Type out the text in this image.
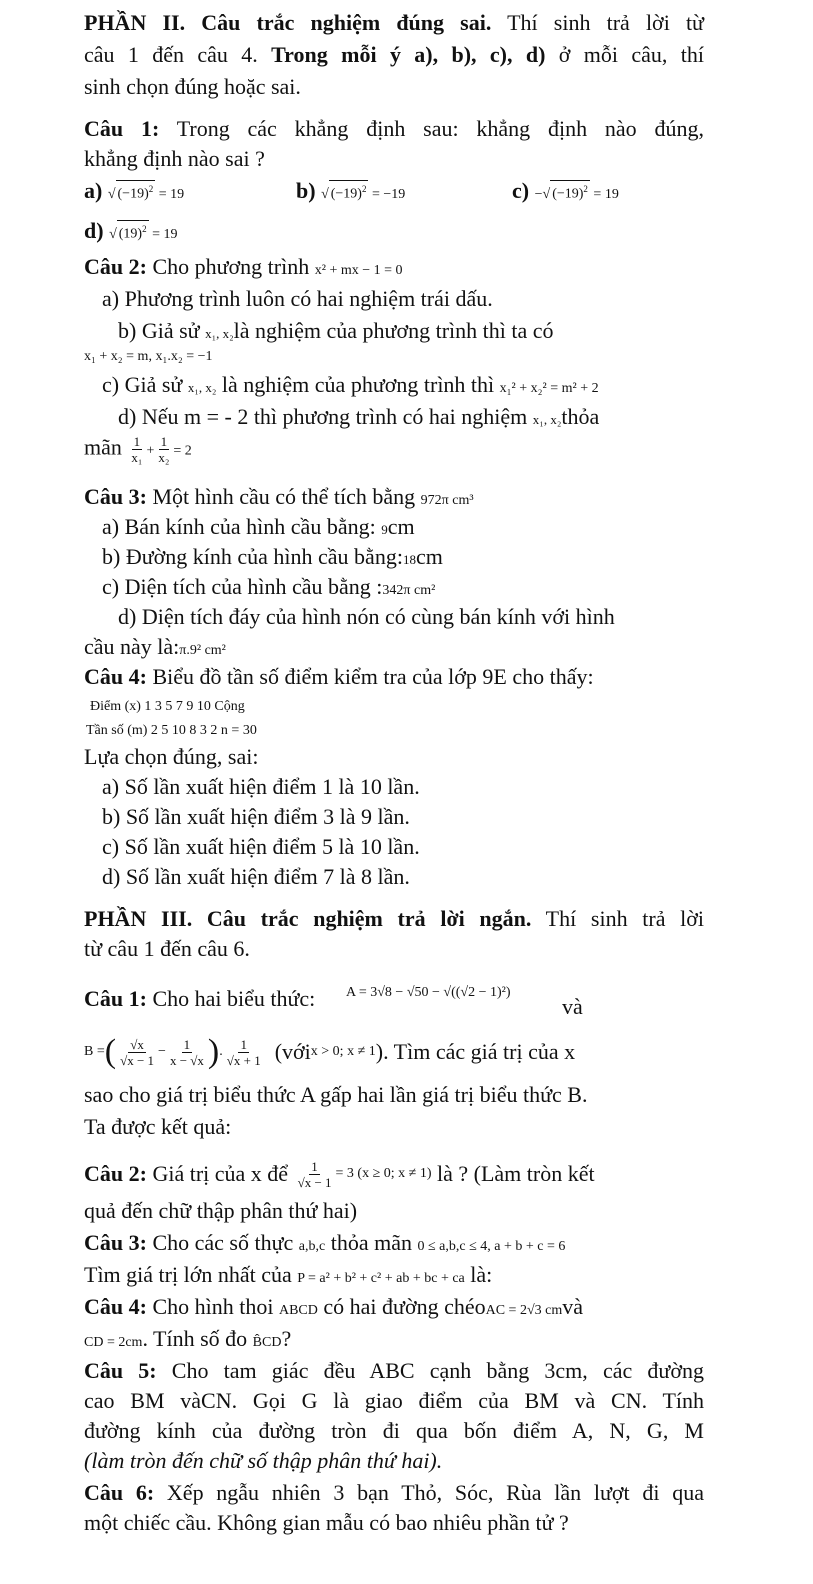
PHẦN II. Câu trắc nghiệm đúng sai. Thí sinh trả lời từ
câu 1 đến câu 4. Trong mỗi ý a), b), c), d) ở mỗi câu, thí
sinh chọn đúng hoặc sai.
Câu 1: Trong các khẳng định sau: khẳng định nào đúng,
khẳng định nào sai ?
a) √ $(-19)^2 = 19$	b) √ $(-19)^2 = -19$	c) −√ $(-19)^2 = 19$
d) √ $(19)^2 = 19$
Câu 2: Cho phương trình x² + mx − 1 = 0
a) Phương trình luôn có hai nghiệm trái dấu.
b) Giả sử x₁, x₂là nghiệm của phương trình thì ta có
x₁ + x₂ = m, x₁.x₂ = −1
c) Giả sử x₁, x₂ là nghiệm của phương trình thì x₁² + x₂² = m² + 2
d) Nếu m = - 2 thì phương trình có hai nghiệm x₁, x₂thỏa
mãn $\frac{1}{\text{x₁}} + \frac{1}{\text{x₂}} = 2$
Câu 3: Một hình cầu có thể tích bằng 972π cm³
a) Bán kính của hình cầu bằng: 9cm
b) Đường kính của hình cầu bằng:18cm
c) Diện tích của hình cầu bằng :342π cm²
d) Diện tích đáy của hình nón có cùng bán kính với hình
cầu này là:π.9² cm²
Câu 4: Biểu đồ tần số điểm kiểm tra của lớp 9E cho thấy:
Điểm (x) 1 3 5 7 9 10 Cộng
Tần số (m) 2 5 10 8 3 2 n = 30
Lựa chọn đúng, sai:
a) Số lần xuất hiện điểm 1 là 10 lần.
b) Số lần xuất hiện điểm 3 là 9 lần.
c) Số lần xuất hiện điểm 5 là 10 lần.
d) Số lần xuất hiện điểm 7 là 8 lần.
PHẦN III. Câu trắc nghiệm trả lời ngắn. Thí sinh trả lời
từ câu 1 đến câu 6.
Câu 1: Cho hai biểu thức: A = 3√8 − √50 − √((√2 − 1)²)
và
B = ( $\frac{√x}{√x - 1} - \frac{1}{x - √x}$ ) . $\frac{1}{√x + 1}$ (với x > 0; x ≠ 1 ). Tìm các giá trị của x
sao cho giá trị biểu thức A gấp hai lần giá trị biểu thức B.
Ta được kết quả:
Câu 2: Giá trị của x để $\frac{1}{√x - 1} = 3$ (x ≥ 0; x ≠ 1) là ? (Làm tròn kết
quả đến chữ thập phân thứ hai)
Câu 3: Cho các số thực a,b,c thỏa mãn 0 ≤ a,b,c ≤ 4, a + b + c = 6
Tìm giá trị lớn nhất của P = a² + b² + c² + ab + bc + ca là:
Câu 4: Cho hình thoi ABCD có hai đường chéoAC = 2√3 cmvà
CD = 2cm. Tính số đo B̂CD?
Câu 5: Cho tam giác đều ABC cạnh bằng 3cm, các đường
cao BM vàCN. Gọi G là giao điểm của BM và CN. Tính
đường kính của đường tròn đi qua bốn điểm A, N, G, M
(làm tròn đến chữ số thập phân thứ hai).
Câu 6: Xếp ngẫu nhiên 3 bạn Thỏ, Sóc, Rùa lần lượt đi qua
một chiếc cầu. Không gian mẫu có bao nhiêu phần tử ?
